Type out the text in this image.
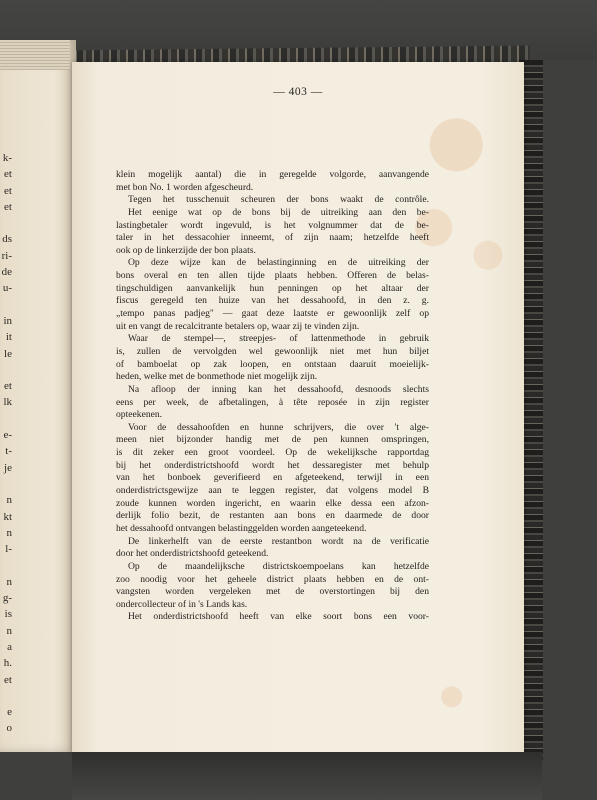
k-
et
et
et
ds
ri-
de
u-
in
it
le
et
lk
e-
t-
je
n
kt
n
l-
n
g-
is
n
a
h.
et
e
o
— 403 —
klein mogelijk aantal) die in geregelde volgorde, aanvangende
met bon No. 1 worden afgescheurd.
Tegen het tusschenuit scheuren der bons waakt de contrôle.
Het eenige wat op de bons bij de uitreiking aan den be-
lastingbetaler wordt ingevuld, is het volgnummer dat de be-
taler in het dessacohier inneemt, of zijn naam; hetzelfde heeft
ook op de linkerzijde der bon plaats.
Op deze wijze kan de belastinginning en de uitreiking der
bons overal en ten allen tijde plaats hebben. Offeren de belas-
tingschuldigen aanvankelijk hun penningen op het altaar der
fiscus geregeld ten huize van het dessahoofd, in den z. g.
„tempo panas padjeg" — gaat deze laatste er gewoonlijk zelf op
uit en vangt de recalcitrante betalers op, waar zij te vinden zijn.
Waar de stempel—, streepjes- of lattenmethode in gebruik
is, zullen de vervolgden wel gewoonlijk niet met hun biljet
of bamboelat op zak loopen, en ontstaan daaruit moeielijk-
heden, welke met de bonmethode niet mogelijk zijn.
Na afloop der inning kan het dessahoofd, desnoods slechts
eens per week, de afbetalingen, à tête reposée in zijn register
opteekenen.
Voor de dessahoofden en hunne schrijvers, die over 't alge-
meen niet bijzonder handig met de pen kunnen omspringen,
is dit zeker een groot voordeel. Op de wekelijksche rapportdag
bij het onderdistrictshoofd wordt het dessaregister met behulp
van het bonboek geverifieerd en afgeteekend, terwijl in een
onderdistrictsgewijze aan te leggen register, dat volgens model B
zoude kunnen worden ingericht, en waarin elke dessa een afzon-
derlijk folio bezit, de restanten aan bons en daarmede de door
het dessahoofd ontvangen belastinggelden worden aangeteekend.
De linkerhelft van de eerste restantbon wordt na de verificatie
door het onderdistrictshoofd geteekend.
Op de maandelijksche districtskoempoelans kan hetzelfde
zoo noodig voor het geheele district plaats hebben en de ont-
vangsten worden vergeleken met de overstortingen bij den
ondercollecteur of in 's Lands kas.
Het onderdistrictshoofd heeft van elke soort bons een voor-
